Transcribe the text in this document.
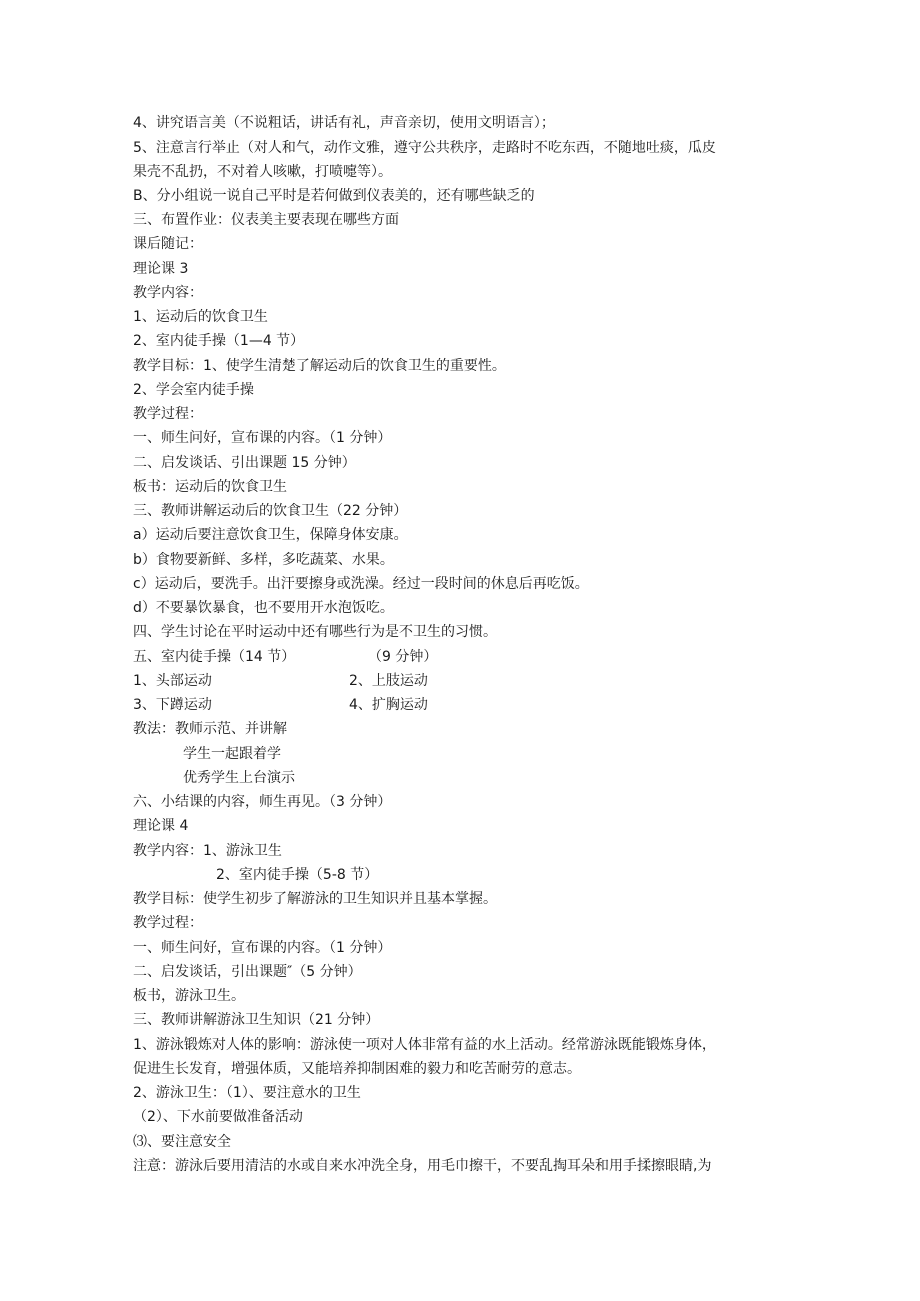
4、讲究语言美（不说粗话，讲话有礼，声音亲切，使用文明语言）；
5、注意言行举止（对人和气，动作文雅，遵守公共秩序，走路时不吃东西，不随地吐痰，瓜皮
果壳不乱扔，不对着人咳嗽，打喷嚏等）。
B、分小组说一说自己平时是若何做到仪表美的，还有哪些缺乏的
三、布置作业：仪表美主要表现在哪些方面
课后随记：
理论课 3
教学内容：
1、运动后的饮食卫生
2、室内徒手操（1—4 节）
教学目标：1、使学生清楚了解运动后的饮食卫生的重要性。
2、学会室内徒手操
教学过程：
一、师生问好，宣布课的内容。（1 分钟）
二、启发谈话、引出课题 15 分钟）
板书：运动后的饮食卫生
三、教师讲解运动后的饮食卫生（22 分钟）
a）运动后要注意饮食卫生，保障身体安康。
b）食物要新鲜、多样，多吃蔬菜、水果。
c）运动后，要洗手。出汗要擦身或洗澡。经过一段时间的休息后再吃饭。
d）不要暴饮暴食，也不要用开水泡饭吃。
四、学生讨论在平时运动中还有哪些行为是不卫生的习惯。
五、室内徒手操（14 节）	（9 分钟）
1、头部运动	2、上肢运动
3、下蹲运动	4、扩胸运动
教法：教师示范、并讲解
学生一起跟着学
优秀学生上台演示
六、小结课的内容，师生再见。（3 分钟）
理论课 4
教学内容：1、游泳卫生
2、室内徒手操（5-8 节）
教学目标：使学生初步了解游泳的卫生知识并且基本掌握。
教学过程：
一、师生问好，宣布课的内容。（1 分钟）
二、启发谈话，引出课题″（5 分钟）
板书，游泳卫生。
三、教师讲解游泳卫生知识（21 分钟）
1、游泳锻炼对人体的影响：游泳使一项对人体非常有益的水上活动。经常游泳既能锻炼身体，
促进生长发育，增强体质，又能培养抑制困难的毅力和吃苦耐劳的意志。
2、游泳卫生：（1）、要注意水的卫生
（2）、下水前要做准备活动
⑶、要注意安全
注意：游泳后要用清洁的水或自来水冲洗全身，用毛巾擦干，不要乱掏耳朵和用手揉擦眼睛,为
